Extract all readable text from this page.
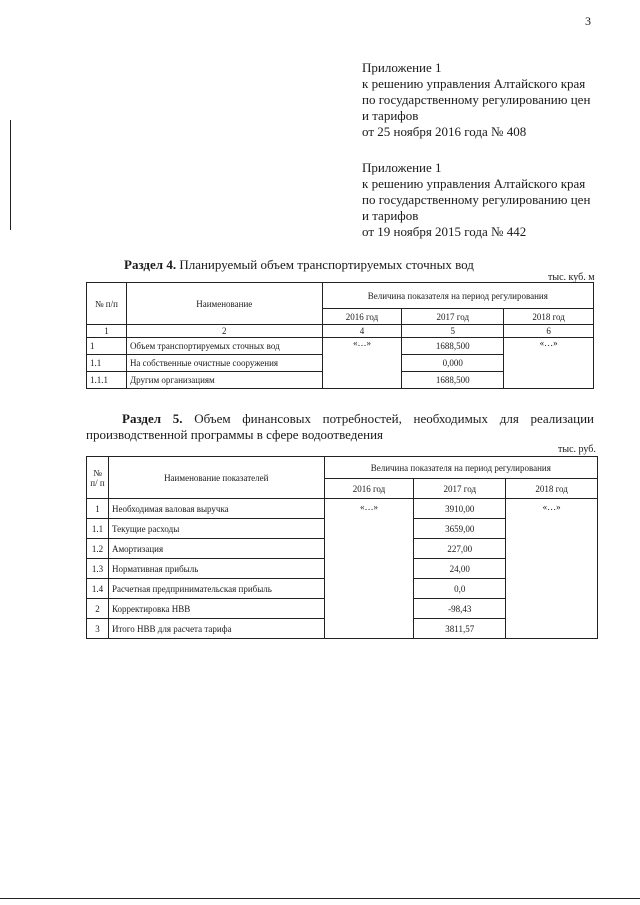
3
Приложение 1
к решению управления Алтайского края
по государственному регулированию цен
и тарифов
от 25 ноября 2016 года № 408
Приложение 1
к решению управления Алтайского края
по государственному регулированию цен
и тарифов
от 19 ноября 2015 года № 442
Раздел 4. Планируемый объем транспортируемых сточных вод
тыс. куб. м
№ п/п	Наименование	Величина показателя на период регулирования		
		2016 год	2017 год	2018 год
1	2	4	5	6
1	Объем транспортируемых сточных вод	«…»	1688,500	«…»
1.1	На собственные очистные сооружения		0,000	
1.1.1	Другим организациям		1688,500	
Раздел 5. Объем финансовых потребностей, необходимых для реализации производственной программы в сфере водоотведения
тыс. руб.
№ п/ п	Наименование показателей	Величина показателя на период регулирования		
		2016 год	2017 год	2018 год
1	Необходимая валовая выручка	«…»	3910,00	«…»
1.1	Текущие расходы		3659,00	
1.2	Амортизация		227,00	
1.3	Нормативная прибыль		24,00	
1.4	Расчетная предпринимательская прибыль		0,0	
2	Корректировка НВВ		-98,43	
3	Итого НВВ для расчета тарифа		3811,57	
